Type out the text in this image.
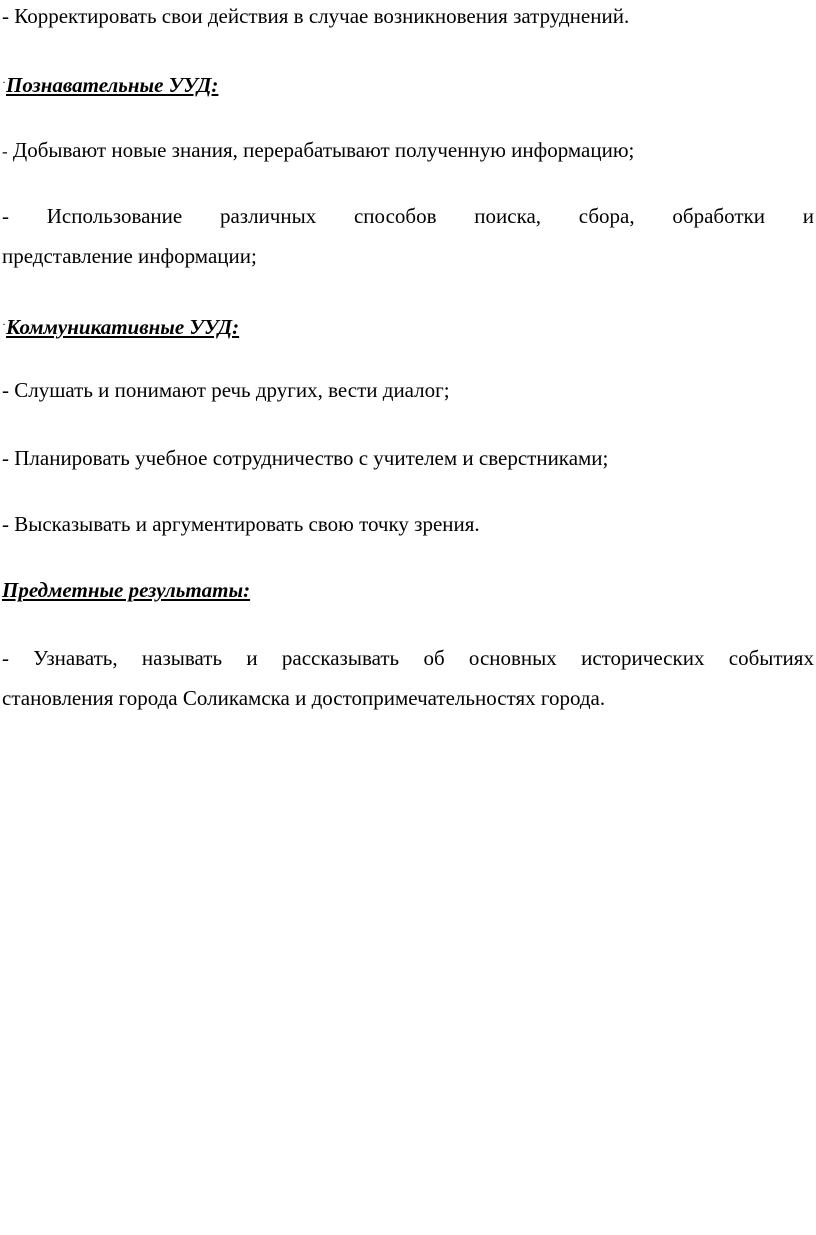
- Корректировать свои действия в случае возникновения затруднений.
·Познавательные УУД:
- Добывают новые знания, перерабатывают полученную информацию;
- Использование различных способов поиска, сбора, обработки и
представление информации;
·Коммуникативные УУД:
- Слушать и понимают речь других, вести диалог;
- Планировать учебное сотрудничество с учителем и сверстниками;
- Высказывать и аргументировать свою точку зрения.
Предметные результаты:
- Узнавать, называть и рассказывать об основных исторических событиях
становления города Соликамска и достопримечательностях города.
